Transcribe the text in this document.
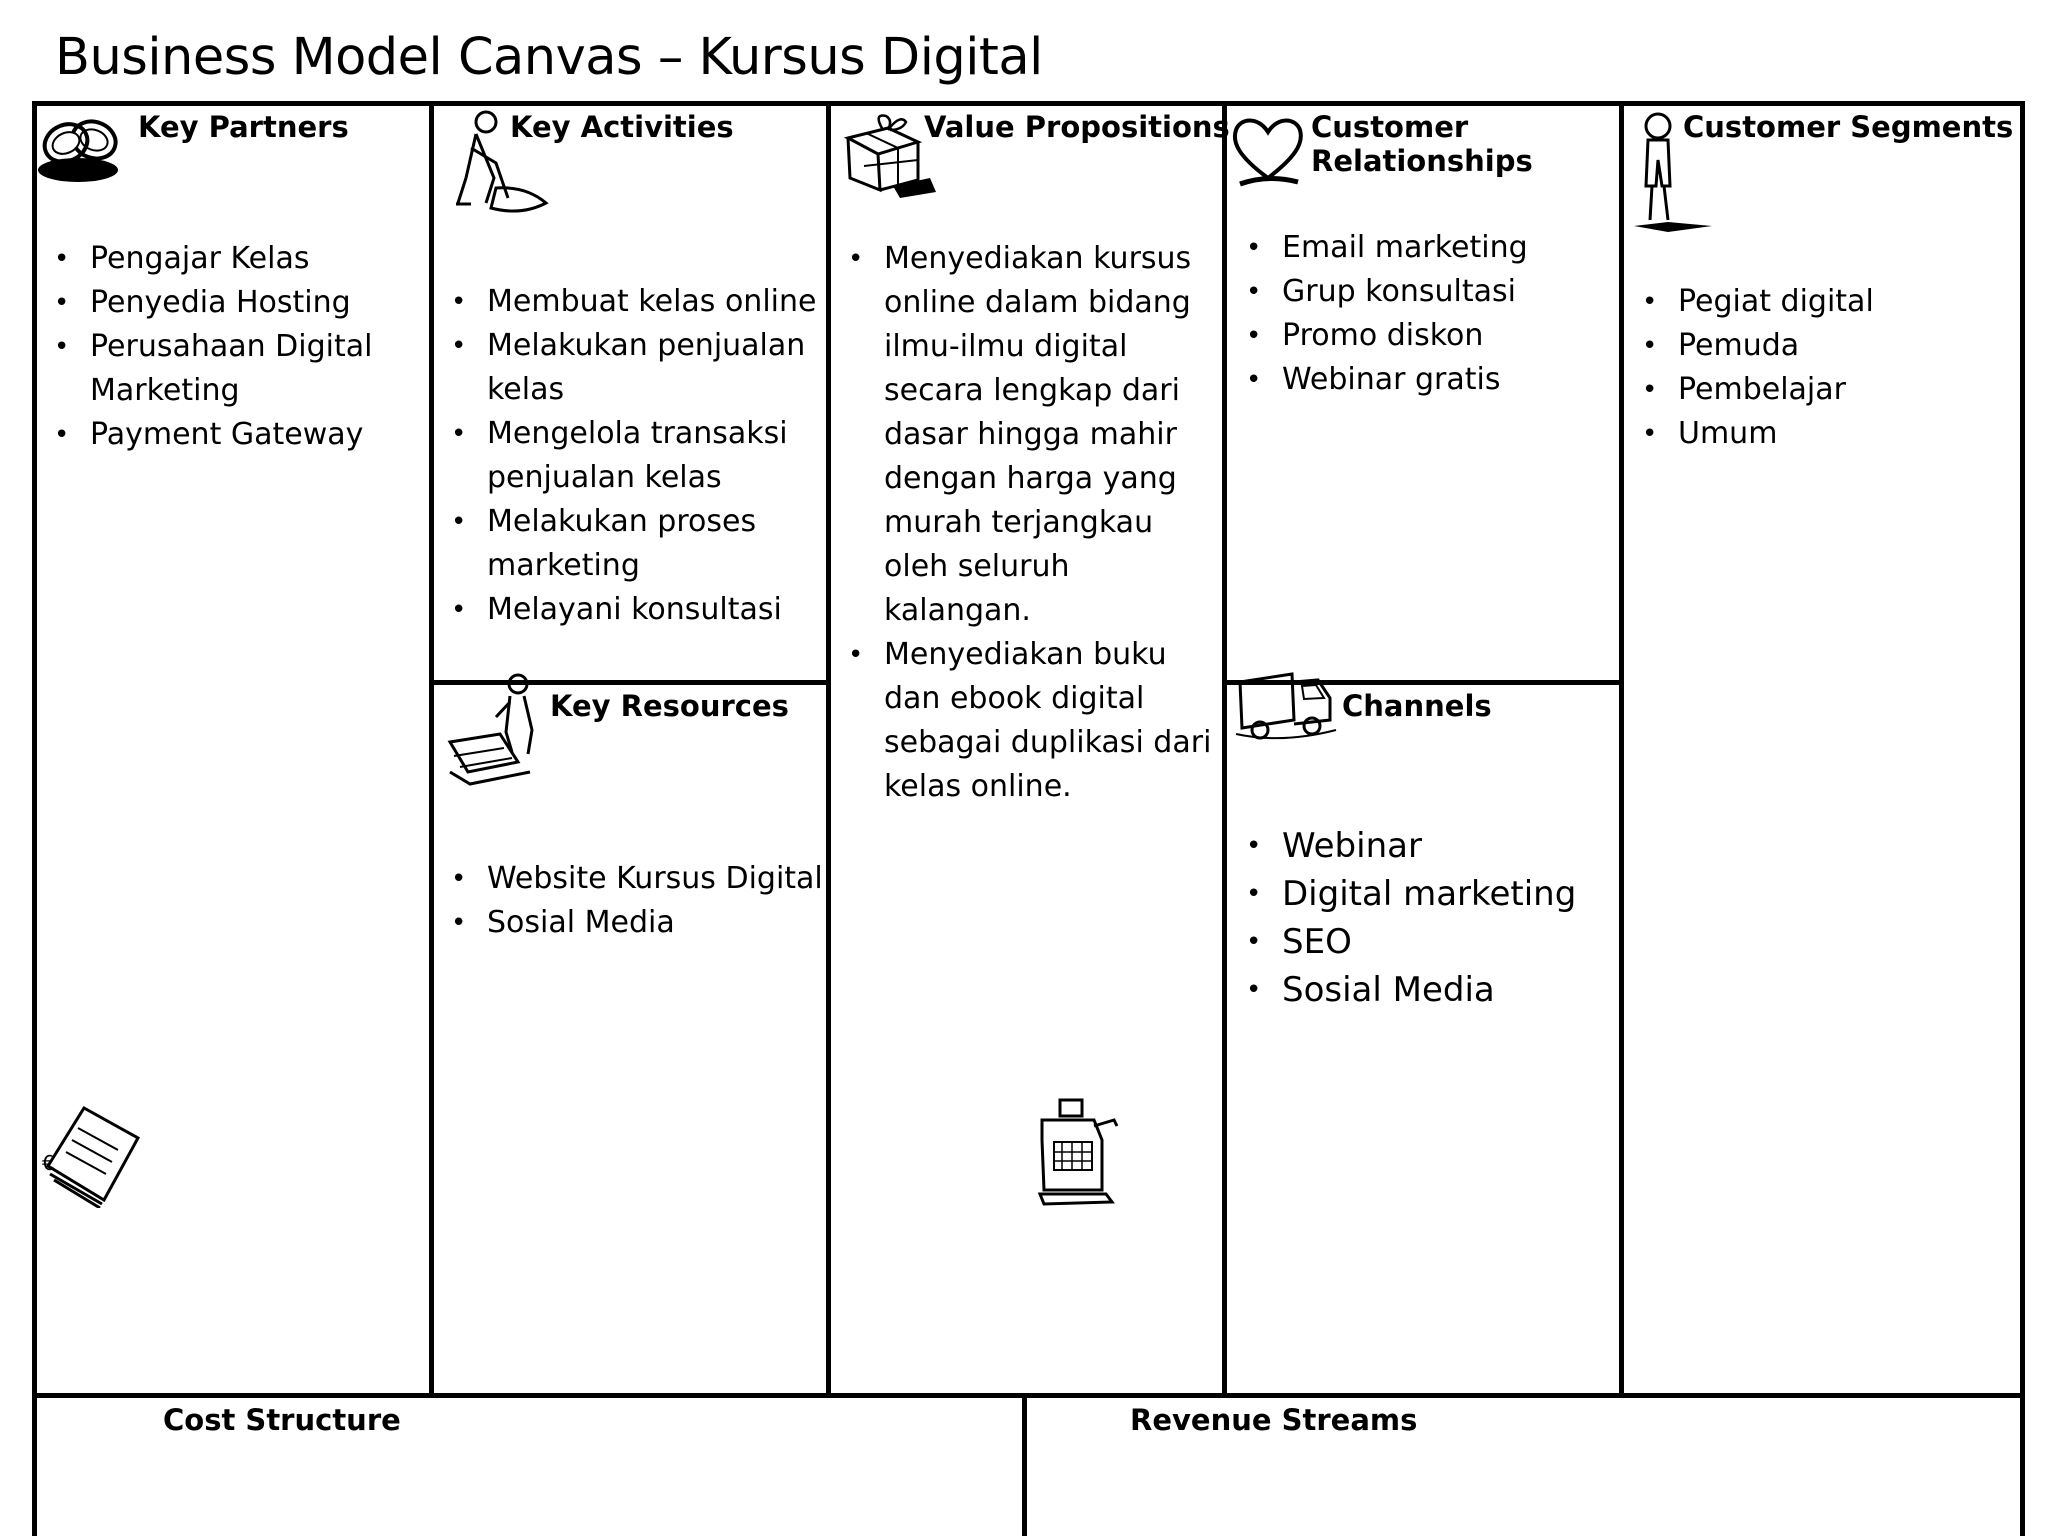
Business Model Canvas – Kursus Digital
Key Partners
• Pengajar Kelas
• Penyedia Hosting
• Perusahaan Digital Marketing
• Payment Gateway
Key Activities
• Membuat kelas online
• Melakukan penjualan kelas
• Mengelola transaksi penjualan kelas
• Melakukan proses marketing
• Melayani konsultasi
Key Resources
• Website Kursus Digital
• Sosial Media
Value Propositions
• Menyediakan kursus online dalam bidang ilmu-ilmu digital secara lengkap dari dasar hingga mahir dengan harga yang murah terjangkau oleh seluruh kalangan.
• Menyediakan buku dan ebook digital sebagai duplikasi dari kelas online.
Customer Relationships
• Email marketing
• Grup konsultasi
• Promo diskon
• Webinar gratis
Channels
• Webinar
• Digital marketing
• SEO
• Sosial Media
Customer Segments
• Pegiat digital
• Pemuda
• Pembelajar
• Umum
€
Cost Structure	Revenue Streams
